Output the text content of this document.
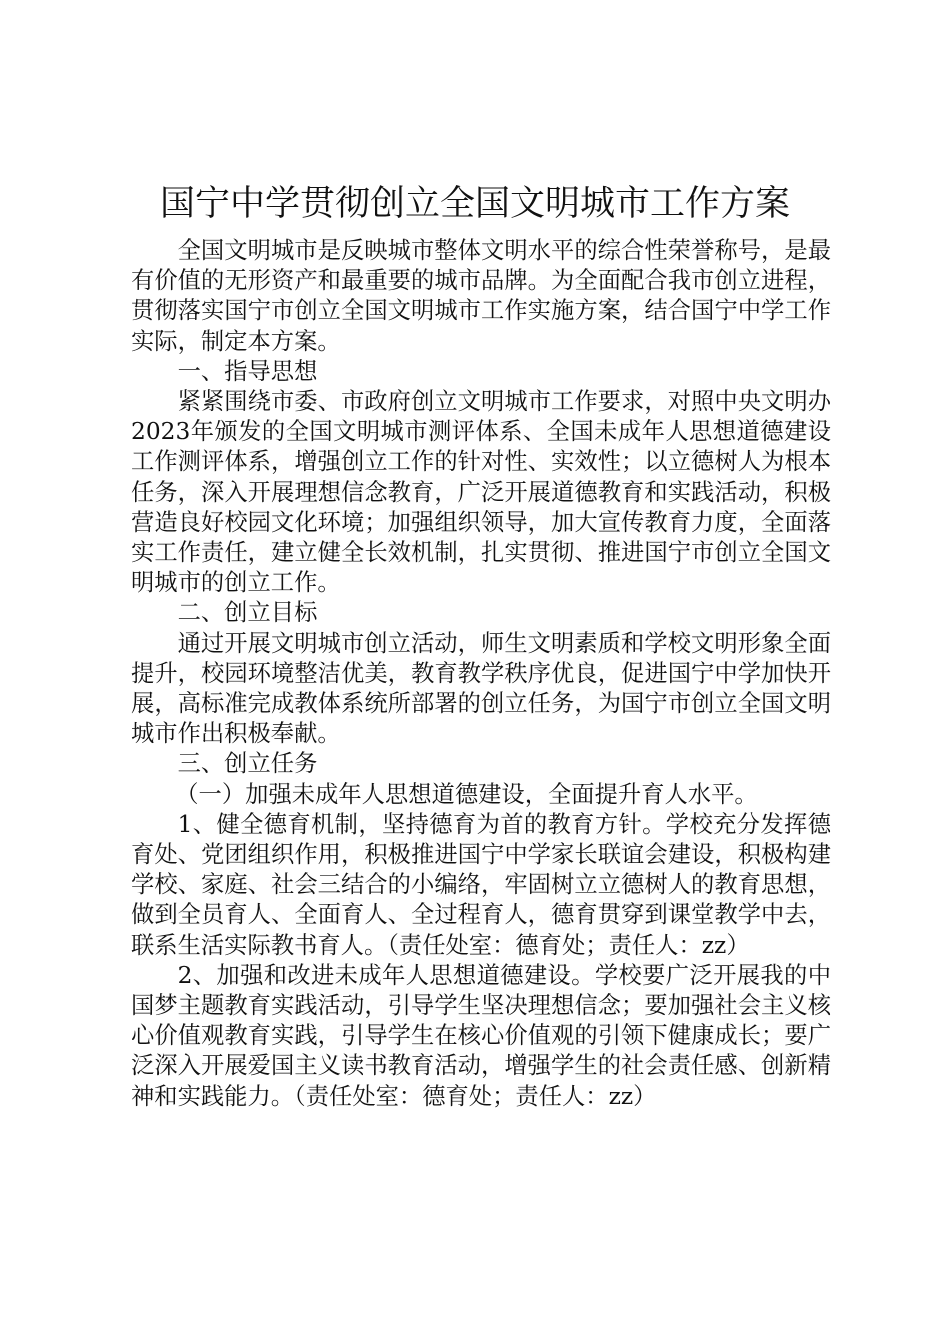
国宁中学贯彻创立全国文明城市工作方案

全国文明城市是反映城市整体文明水平的综合性荣誉称号，是最有价值的无形资产和最重要的城市品牌。为全面配合我市创立进程，贯彻落实国宁市创立全国文明城市工作实施方案，结合国宁中学工作实际，制定本方案。

一、指导思想

紧紧围绕市委、市政府创立文明城市工作要求，对照中央文明办2023年颁发的全国文明城市测评体系、全国未成年人思想道德建设工作测评体系，增强创立工作的针对性、实效性；以立德树人为根本任务，深入开展理想信念教育，广泛开展道德教育和实践活动，积极营造良好校园文化环境；加强组织领导，加大宣传教育力度，全面落实工作责任，建立健全长效机制，扎实贯彻、推进国宁市创立全国文明城市的创立工作。

二、创立目标

通过开展文明城市创立活动，师生文明素质和学校文明形象全面提升，校园环境整洁优美，教育教学秩序优良，促进国宁中学加快开展，高标准完成教体系统所部署的创立任务，为国宁市创立全国文明城市作出积极奉献。

三、创立任务

（一）加强未成年人思想道德建设，全面提升育人水平。

1、健全德育机制，坚持德育为首的教育方针。学校充分发挥德育处、党团组织作用，积极推进国宁中学家长联谊会建设，积极构建学校、家庭、社会三结合的小编络，牢固树立立德树人的教育思想，做到全员育人、全面育人、全过程育人，德育贯穿到课堂教学中去，联系生活实际教书育人。（责任处室：德育处；责任人：zz）

2、加强和改进未成年人思想道德建设。学校要广泛开展我的中国梦主题教育实践活动，引导学生坚决理想信念；要加强社会主义核心价值观教育实践，引导学生在核心价值观的引领下健康成长；要广泛深入开展爱国主义读书教育活动，增强学生的社会责任感、创新精神和实践能力。（责任处室：德育处；责任人：zz）
